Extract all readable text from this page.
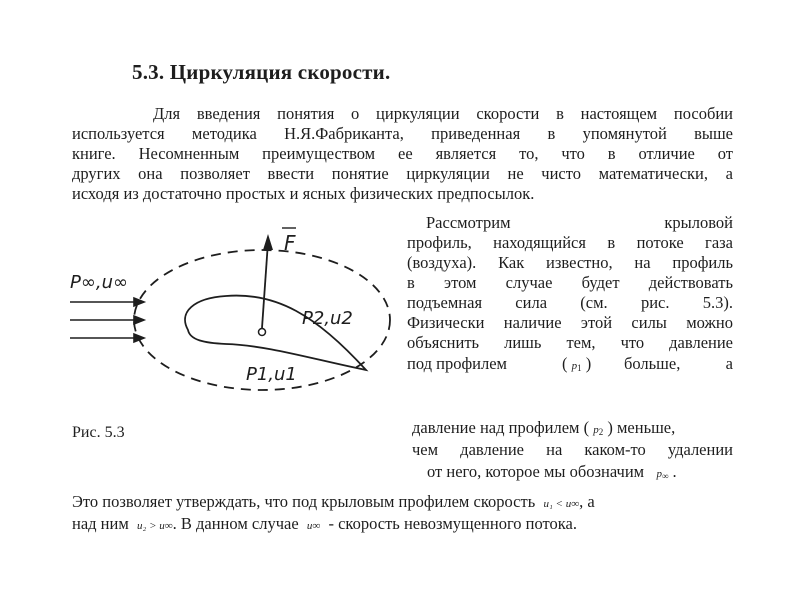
5.3. Циркуляция скорости.
Для введения понятия о циркуляции скорости в настоящем пособии
используется методика Н.Я.Фабриканта, приведенная в упомянутой выше
книге. Несомненным преимуществом ее является то, что в отличие от
других она позволяет ввести понятие циркуляции не чисто математически, а
исходя из достаточно простых и ясных физических предпосылок.
Рассмотрим крыловой
профиль, находящийся в потоке газа
(воздуха). Как известно, на профиль
в этом случае будет действовать
подъемная сила (см. рис. 5.3).
Физически наличие этой силы можно
объяснить лишь тем, что давление
под профилем	( $p_1$ ) больше, а
Рис. 5.3	давление над профилем ( $p_2$ ) меньше,
чем давление на каком-то удалении
от него, которое мы обозначим $p_\infty$ .
Это позволяет утверждать, что под крыловым профилем скорость u₁ < u∞, а
над ним u₂ > u∞. В данном случае u∞ - скорость невозмущенного потока.
F
P∞,u∞
P2,u2
P1,u1
